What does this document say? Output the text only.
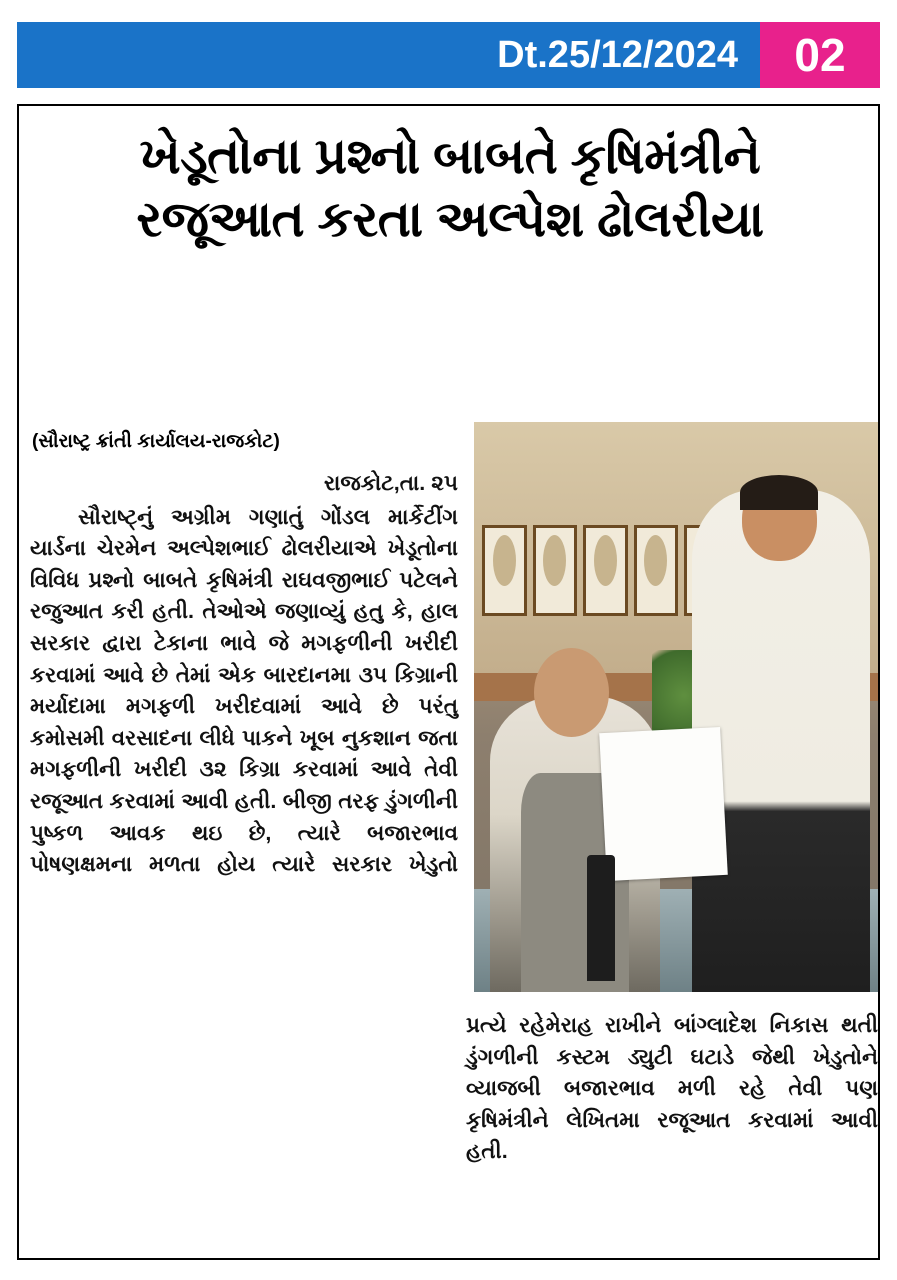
Dt.25/12/2024 02
ખેડૂતોના પ્રશ્નો બાબતે કૃષિમંત્રીને
રજૂઆત કરતા અલ્પેશ ઢોલરીયા
(સૌરાષ્ટ્ર ક્રાંતી કાર્યાલય-રાજકોટ)
રાજકોટ,તા. ૨૫

સૌરાષ્ટ્નું અગ્રીમ ગણાતું ગોંડલ માર્કેટીંગ યાર્ડના ચેરમેન અલ્પેશભાઈ ઢોલરીયાએ ખેડૂતોના વિવિધ પ્રશ્નો બાબતે કૃષિમંત્રી રાઘવજીભાઈ પટેલને રજુઆત કરી હતી. તેઓએ જણાવ્યું હતુ કે, હાલ સરકાર દ્વારા ટેકાના ભાવે જે મગફળીની ખરીદી કરવામાં આવે છે તેમાં એક બારદાનમા ૩૫ કિગ્રાની મર્યાદામા મગફળી ખરીદવામાં આવે છે પરંતુ કમોસમી વરસાદના લીધે પાકને ખૂબ નુકશાન જતા મગફળીની ખરીદી ૩૨ કિગ્રા કરવામાં આવે તેવી રજૂઆત કરવામાં આવી હતી. બીજી તરફ ડુંગળીની પુષ્કળ આવક થઇ છે, ત્યારે બજારભાવ પોષણક્ષમના મળતા હોય ત્યારે સરકાર ખેડુતો

પ્રત્યે રહેમેરાહ રાખીને બાંગ્લાદેશ નિકાસ થતી ડુંગળીની કસ્ટમ ડ્યુટી ઘટાડે જેથી ખેડુતોને વ્યાજબી બજારભાવ મળી રહે તેવી પણ કૃષિમંત્રીને લેખિતમા રજૂઆત કરવામાં આવી હતી.
